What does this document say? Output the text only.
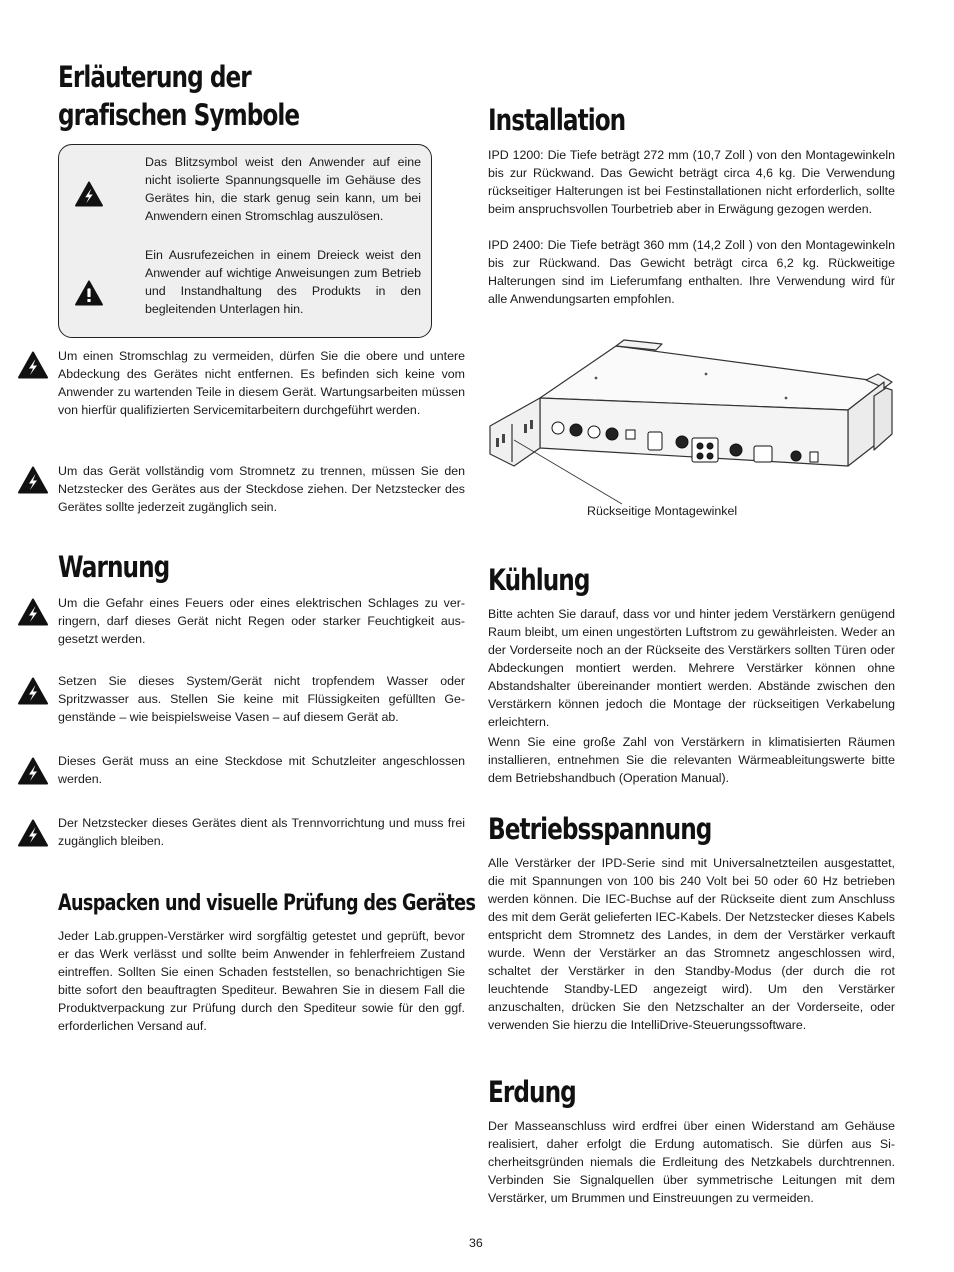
Erläuterung der
grafischen Symbole

Das Blitzsymbol weist den Anwender auf eine nicht isolierte Spannungsquelle im Gehäuse des Gerätes hin, die stark genug sein kann, um bei Anwendern einen Stromschlag auszulösen.

Ein Ausrufezeichen in einem Dreieck weist den Anwender auf wichtige Anweisungen zum Betrieb und Instandhaltung des Produkts in den begleitenden Unterlagen hin.

Um einen Stromschlag zu vermeiden, dürfen Sie die obere und untere Abdeckung des Gerätes nicht entfernen. Es befinden sich keine vom Anwender zu wartenden Teile in diesem Gerät. Wartungsarbeiten müssen von hierfür qualifizierten Servicemitarbeitern durchgeführt werden.

Um das Gerät vollständig vom Stromnetz zu trennen, müssen Sie den Netzstecker des Gerätes aus der Steckdose ziehen. Der Netzstecker des Gerätes sollte jederzeit zugänglich sein.

Warnung

Um die Gefahr eines Feuers oder eines elektrischen Schlages zu verringern, darf dieses Gerät nicht Regen oder starker Feuchtigkeit ausgesetzt werden.

Setzen Sie dieses System/Gerät nicht tropfendem Wasser oder Spritzwasser aus. Stellen Sie keine mit Flüssigkeiten gefüllten Gegenstände – wie beispielsweise Vasen – auf diesem Gerät ab.

Dieses Gerät muss an eine Steckdose mit Schutzleiter angeschlossen werden.

Der Netzstecker dieses Gerätes dient als Trennvorrichtung und muss frei zugänglich bleiben.

Auspacken und visuelle Prüfung des Gerätes

Jeder Lab.gruppen-Verstärker wird sorgfältig getestet und geprüft, bevor er das Werk verlässt und sollte beim Anwender in fehlerfreiem Zustand eintreffen. Sollten Sie einen Schaden feststellen, so benachrichtigen Sie bitte sofort den beauftragten Spediteur. Bewahren Sie in diesem Fall die Produktverpackung zur Prüfung durch den Spediteur sowie für den ggf. erforderlichen Versand auf.

Installation

IPD 1200: Die Tiefe beträgt 272 mm (10,7 Zoll ) von den Montagewinkeln bis zur Rückwand. Das Gewicht beträgt circa 4,6 kg. Die Verwendung rückseitiger Halterungen ist bei Festinstallationen nicht erforderlich, sollte beim anspruchsvollen Tourbetrieb aber in Erwägung gezogen werden.

IPD 2400: Die Tiefe beträgt 360 mm (14,2 Zoll ) von den Montagewinkeln bis zur Rückwand. Das Gewicht beträgt circa 6,2 kg. Rückweitige Halterungen sind im Lieferumfang enthalten. Ihre Verwendung wird für alle Anwendungsarten empfohlen.

Rückseitige Montagewinkel
Kühlung

Bitte achten Sie darauf, dass vor und hinter jedem Verstärkern genügend Raum bleibt, um einen ungestörten Luftstrom zu gewährleisten. Weder an der Vorderseite noch an der Rückseite des Verstärkers sollten Türen oder Abdeckungen montiert werden. Mehrere Verstärker können ohne Abstandshalter übereinander montiert werden. Abstände zwischen den Verstärkern können jedoch die Montage der rückseitigen Verkabelung erleichtern.

Wenn Sie eine große Zahl von Verstärkern in klimatisierten Räumen installieren, entnehmen Sie die relevanten Wärmeableitungswerte bitte dem Betriebshandbuch (Operation Manual).

Betriebsspannung

Alle Verstärker der IPD-Serie sind mit Universalnetzteilen ausgestattet, die mit Spannungen von 100 bis 240 Volt bei 50 oder 60 Hz betrieben werden können. Die IEC-Buchse auf der Rückseite dient zum Anschluss des mit dem Gerät gelieferten IEC-Kabels. Der Netzstecker dieses Kabels entspricht dem Stromnetz des Landes, in dem der Verstärker verkauft wurde. Wenn der Verstärker an das Stromnetz angeschlossen wird, schaltet der Verstärker in den Standby-Modus (der durch die rot leuchtende Standby-LED angezeigt wird). Um den Verstärker anzuschalten, drücken Sie den Netzschalter an der Vorderseite, oder verwenden Sie hierzu die IntelliDrive-Steuerungssoftware.

Erdung

Der Masseanschluss wird erdfrei über einen Widerstand am Gehäuse realisiert, daher erfolgt die Erdung automatisch. Sie dürfen aus Sicherheitsgründen niemals die Erdleitung des Netzkabels durchtrennen. Verbinden Sie Signalquellen über symmetrische Leitungen mit dem Verstärker, um Brummen und Einstreuungen zu vermeiden.

36
